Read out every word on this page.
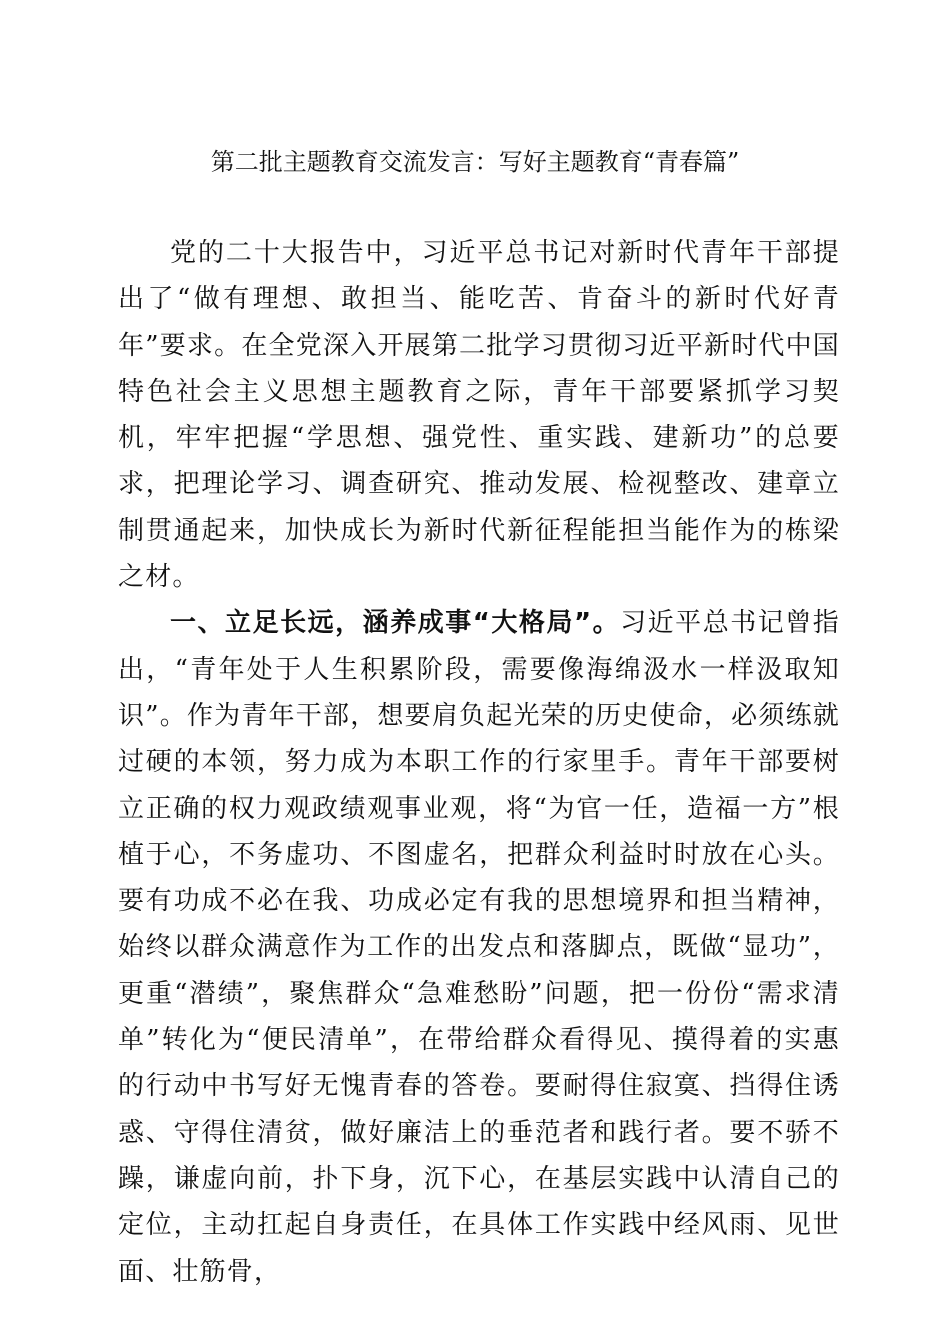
第二批主题教育交流发言：写好主题教育“青春篇”

党的二十大报告中，习近平总书记对新时代青年干部提出了“做有理想、敢担当、能吃苦、肯奋斗的新时代好青年”要求。在全党深入开展第二批学习贯彻习近平新时代中国特色社会主义思想主题教育之际，青年干部要紧抓学习契机，牢牢把握“学思想、强党性、重实践、建新功”的总要求，把理论学习、调查研究、推动发展、检视整改、建章立制贯通起来，加快成长为新时代新征程能担当能作为的栋梁之材。

一、立足长远，涵养成事“大格局”。习近平总书记曾指出，“青年处于人生积累阶段，需要像海绵汲水一样汲取知识”。作为青年干部，想要肩负起光荣的历史使命，必须练就过硬的本领，努力成为本职工作的行家里手。青年干部要树立正确的权力观政绩观事业观，将“为官一任，造福一方”根植于心，不务虚功、不图虚名，把群众利益时时放在心头。要有功成不必在我、功成必定有我的思想境界和担当精神，始终以群众满意作为工作的出发点和落脚点，既做“显功”，更重“潜绩”，聚焦群众“急难愁盼”问题，把一份份“需求清单”转化为“便民清单”，在带给群众看得见、摸得着的实惠的行动中书写好无愧青春的答卷。要耐得住寂寞、挡得住诱惑、守得住清贫，做好廉洁上的垂范者和践行者。要不骄不躁，谦虚向前，扑下身，沉下心，在基层实践中认清自己的定位，主动扛起自身责任，在具体工作实践中经风雨、见世面、壮筋骨，
